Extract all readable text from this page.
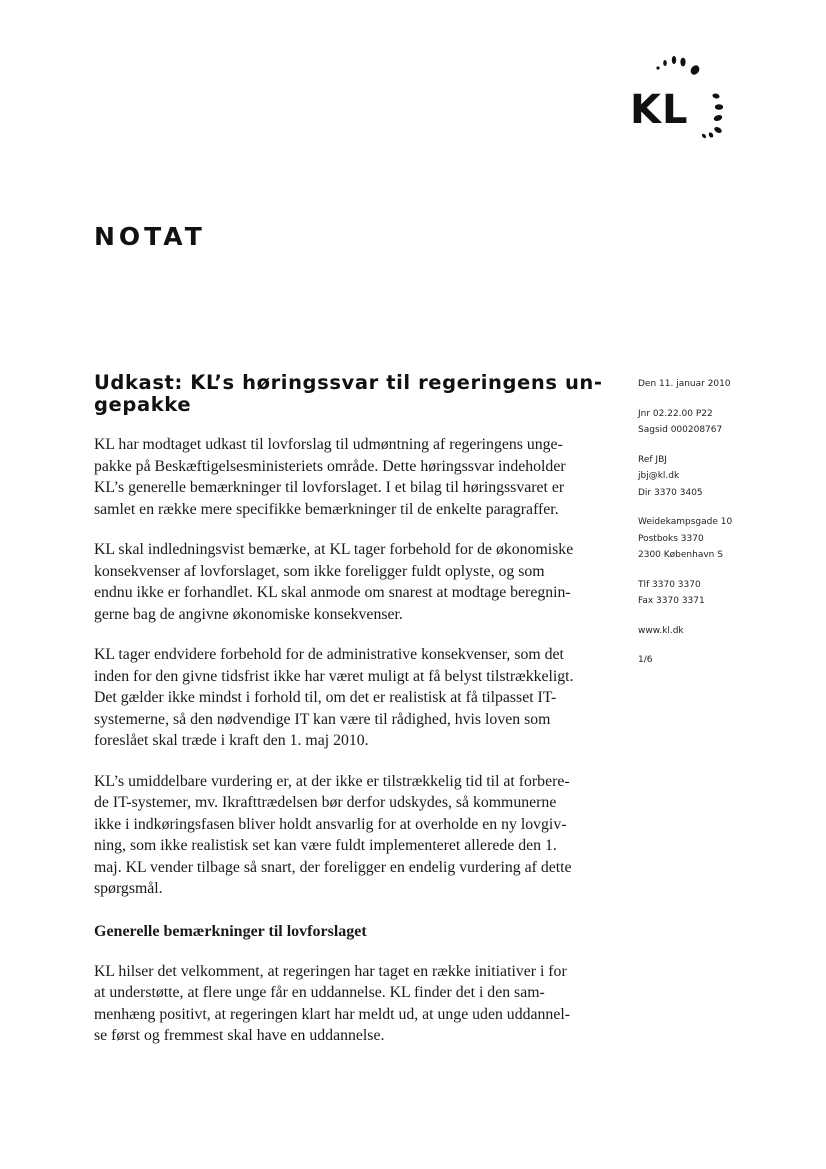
KL
NOTAT
Udkast: KL’s høringssvar til regeringens un-
gepakke

KL har modtaget udkast til lovforslag til udmøntning af regeringens unge-
pakke på Beskæftigelsesministeriets område. Dette høringssvar indeholder
KL’s generelle bemærkninger til lovforslaget. I et bilag til høringssvaret er
samlet en række mere specifikke bemærkninger til de enkelte paragraffer.

KL skal indledningsvist bemærke, at KL tager forbehold for de økonomiske
konsekvenser af lovforslaget, som ikke foreligger fuldt oplyste, og som
endnu ikke er forhandlet. KL skal anmode om snarest at modtage beregnin-
gerne bag de angivne økonomiske konsekvenser.

KL tager endvidere forbehold for de administrative konsekvenser, som det
inden for den givne tidsfrist ikke har været muligt at få belyst tilstrækkeligt.
Det gælder ikke mindst i forhold til, om det er realistisk at få tilpasset IT-
systemerne, så den nødvendige IT kan være til rådighed, hvis loven som
foreslået skal træde i kraft den 1. maj 2010.

KL’s umiddelbare vurdering er, at der ikke er tilstrækkelig tid til at forbere-
de IT-systemer, mv. Ikrafttrædelsen bør derfor udskydes, så kommunerne
ikke i indkøringsfasen bliver holdt ansvarlig for at overholde en ny lovgiv-
ning, som ikke realistisk set kan være fuldt implementeret allerede den 1.
maj. KL vender tilbage så snart, der foreligger en endelig vurdering af dette
spørgsmål.

Generelle bemærkninger til lovforslaget

KL hilser det velkomment, at regeringen har taget en række initiativer i for
at understøtte, at flere unge får en uddannelse. KL finder det i den sam-
menhæng positivt, at regeringen klart har meldt ud, at unge uden uddannel-
se først og fremmest skal have en uddannelse.

Den 11. januar 2010
Jnr 02.22.00 P22
Sagsid 000208767
Ref JBJ
jbj@kl.dk
Dir 3370 3405
Weidekampsgade 10
Postboks 3370
2300 København S
Tlf 3370 3370
Fax 3370 3371
www.kl.dk
1/6
